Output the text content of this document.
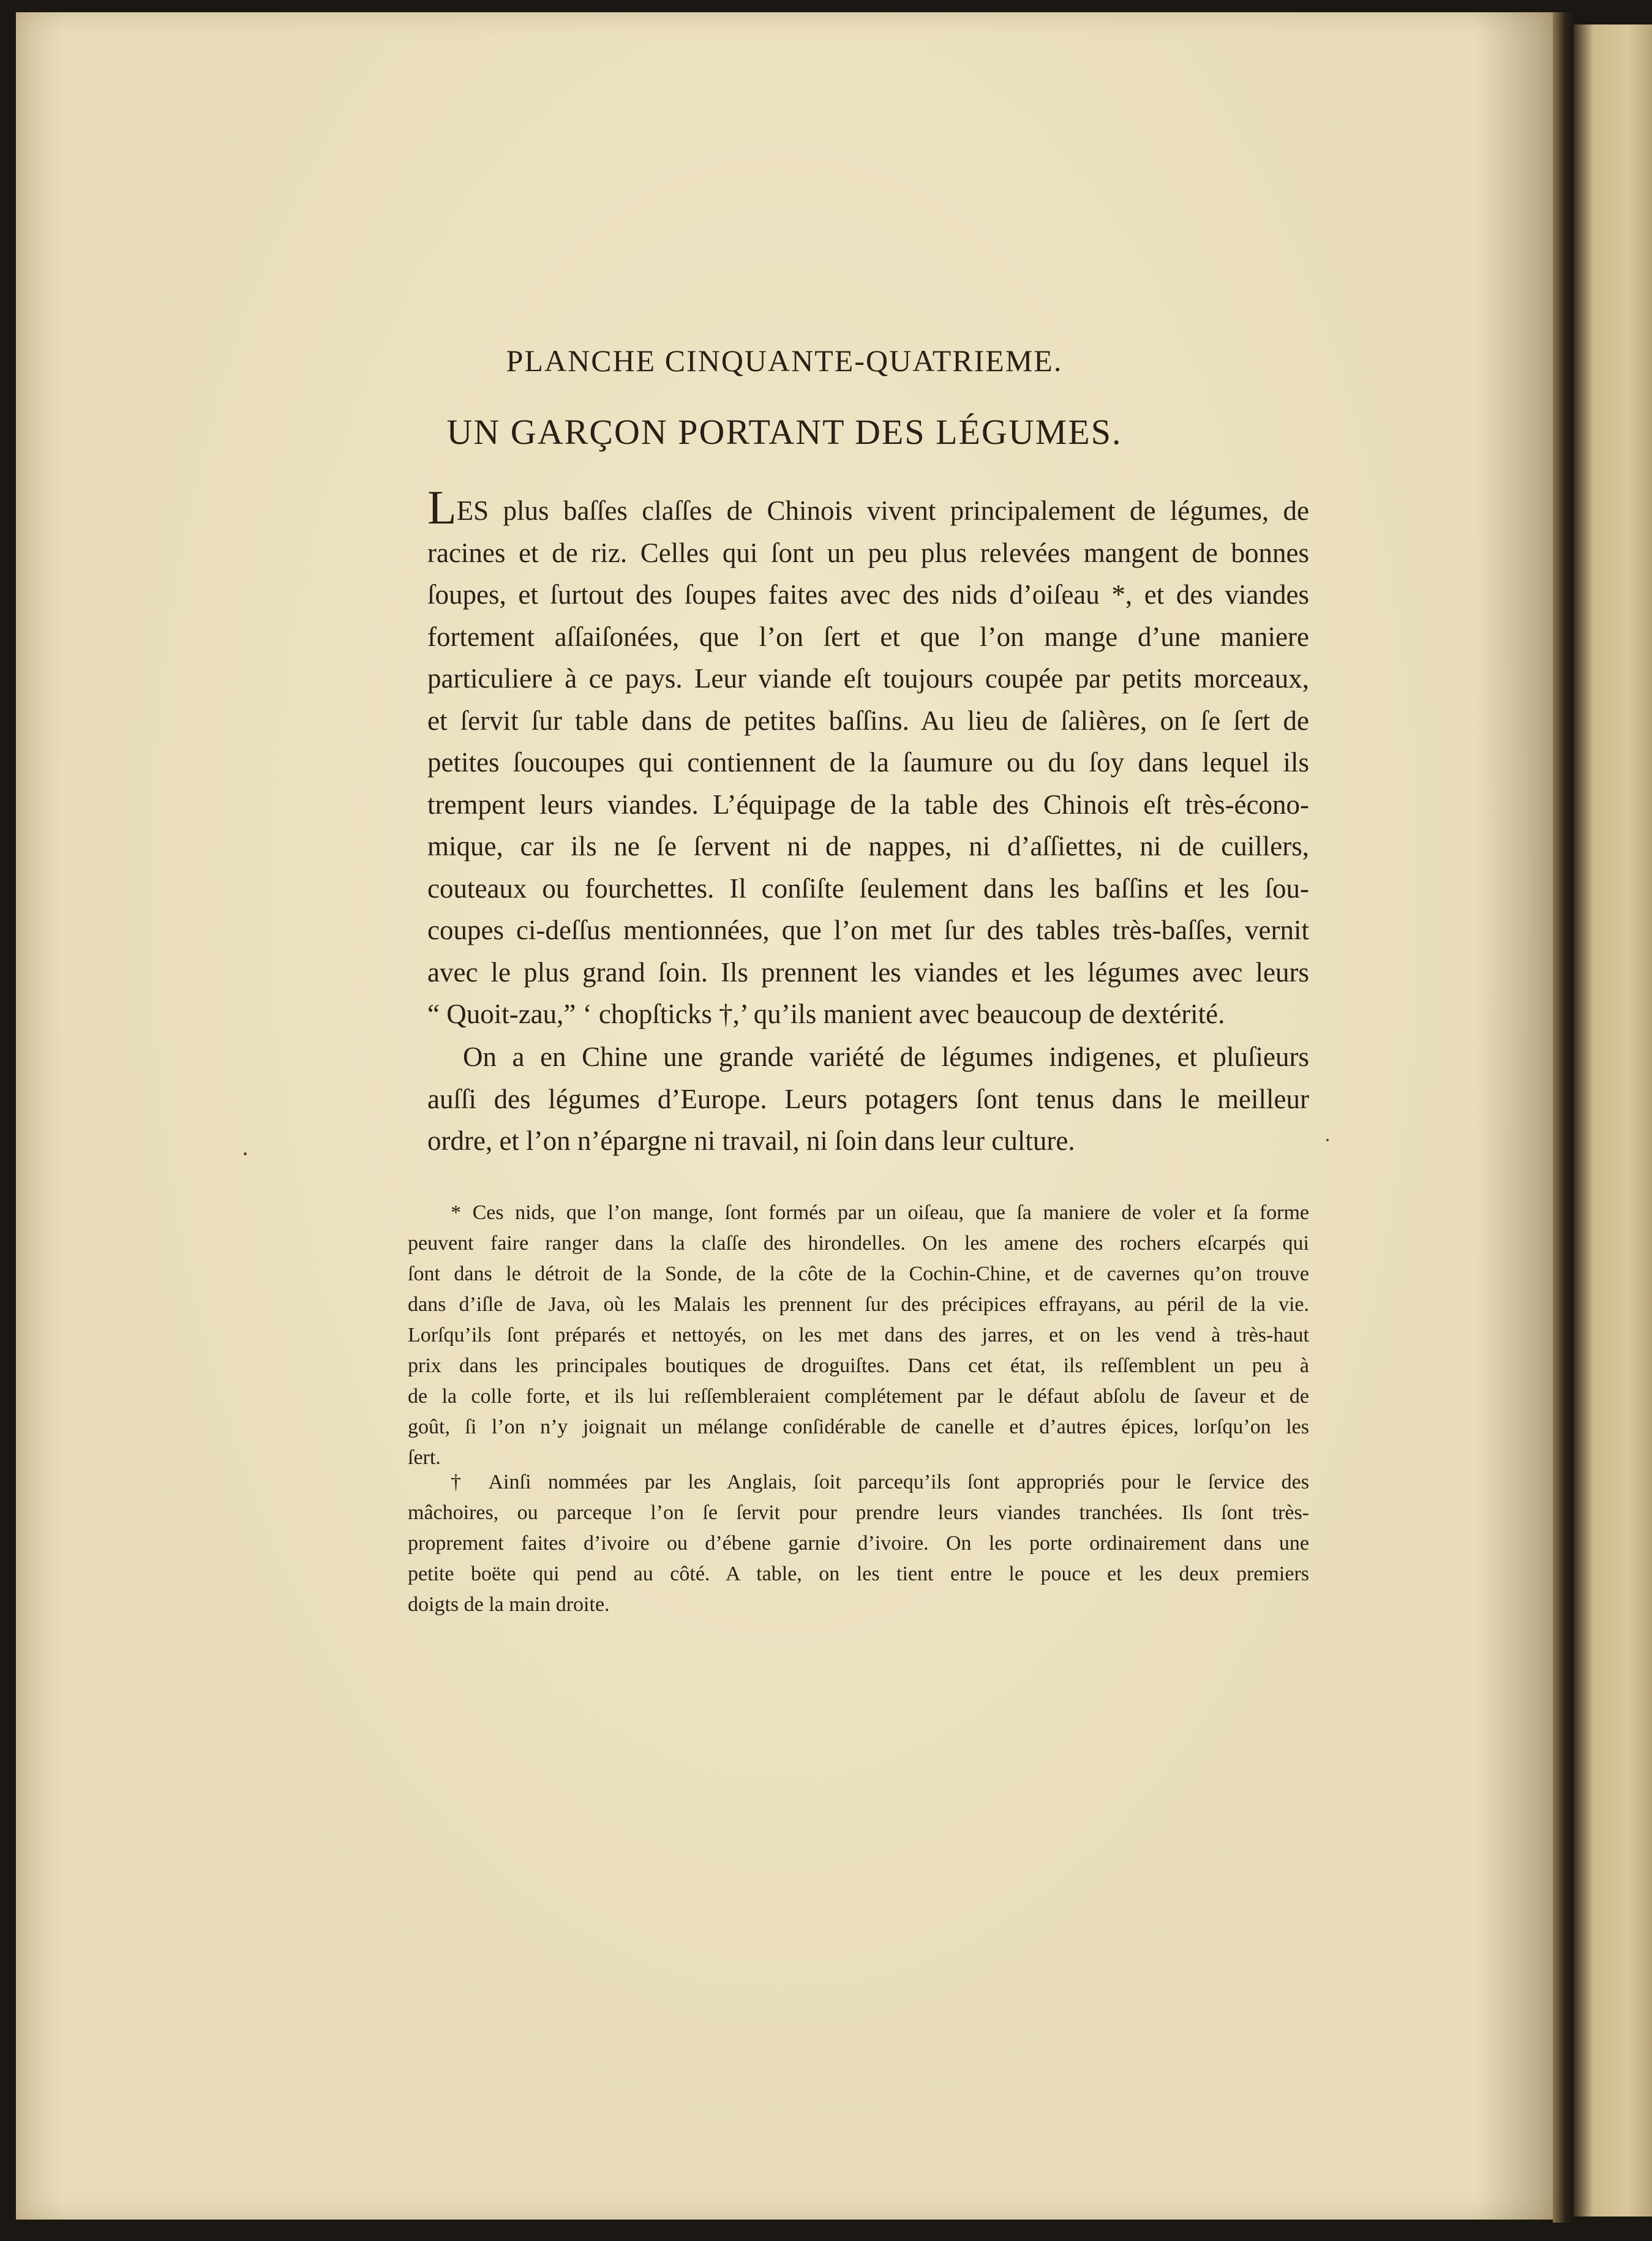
PLANCHE CINQUANTE-QUATRIEME.
UN GARÇON PORTANT DES LÉGUMES.
LES plus baſſes claſſes de Chinois vivent principalement de légumes, de
racines et de riz. Celles qui ſont un peu plus relevées mangent de bonnes
ſoupes, et ſurtout des ſoupes faites avec des nids d’oiſeau *, et des viandes
fortement aſſaiſonées, que l’on ſert et que l’on mange d’une maniere
particuliere à ce pays. Leur viande eſt toujours coupée par petits morceaux,
et ſervit ſur table dans de petites baſſins. Au lieu de ſalières, on ſe ſert de
petites ſoucoupes qui contiennent de la ſaumure ou du ſoy dans lequel ils
trempent leurs viandes. L’équipage de la table des Chinois eſt très-écono-
mique, car ils ne ſe ſervent ni de nappes, ni d’aſſiettes, ni de cuillers,
couteaux ou fourchettes. Il conſiſte ſeulement dans les baſſins et les ſou-
coupes ci-deſſus mentionnées, que l’on met ſur des tables très-baſſes, vernit
avec le plus grand ſoin. Ils prennent les viandes et les légumes avec leurs
“ Quoit-zau,” ‘ chopſticks †,’ qu’ils manient avec beaucoup de dextérité.
On a en Chine une grande variété de légumes indigenes, et pluſieurs
auſſi des légumes d’Europe. Leurs potagers ſont tenus dans le meilleur
ordre, et l’on n’épargne ni travail, ni ſoin dans leur culture.
* Ces nids, que l’on mange, ſont formés par un oiſeau, que ſa maniere de voler et ſa forme
peuvent faire ranger dans la claſſe des hirondelles. On les amene des rochers eſcarpés qui
ſont dans le détroit de la Sonde, de la côte de la Cochin-Chine, et de cavernes qu’on trouve
dans d’iſle de Java, où les Malais les prennent ſur des précipices effrayans, au péril de la vie.
Lorſqu’ils ſont préparés et nettoyés, on les met dans des jarres, et on les vend à très-haut
prix dans les principales boutiques de droguiſtes. Dans cet état, ils reſſemblent un peu à
de la colle forte, et ils lui reſſembleraient complétement par le défaut abſolu de ſaveur et de
goût, ſi l’on n’y joignait un mélange conſidérable de canelle et d’autres épices, lorſqu’on les
ſert.
† Ainſi nommées par les Anglais, ſoit parcequ’ils ſont appropriés pour le ſervice des
mâchoires, ou parceque l’on ſe ſervit pour prendre leurs viandes tranchées. Ils ſont très-
proprement faites d’ivoire ou d’ébene garnie d’ivoire. On les porte ordinairement dans une
petite boëte qui pend au côté. A table, on les tient entre le pouce et les deux premiers
doigts de la main droite.
